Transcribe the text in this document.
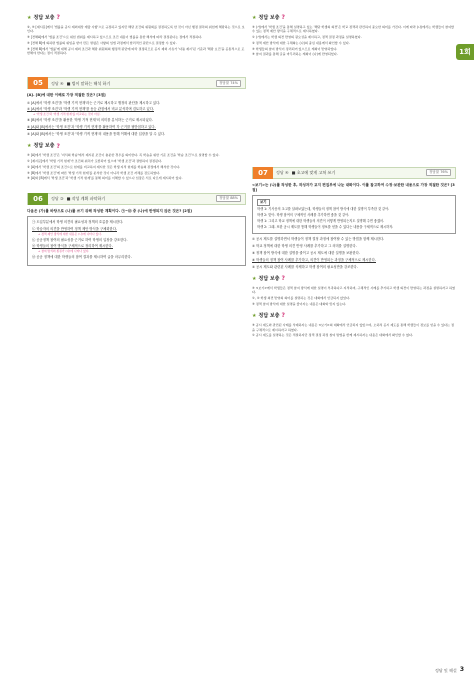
1회
★ 정답 보충 ?

②, ④ [제시문]에서 '법률을 공시 제외대상 재량 사항'으로 규정하고 있지만 해당 조건의 위원회를 결정하도록 한 것이 아닌 행정 절차의 위임에 해당하는 것으로 보인다.

③ [견해A]에서 '법률 조건'으로 위임 범위를 제시하고 있으므로 조건 내용이 법률을 통한 해석에 따라 결정된다는 점에서 적절하다.

④ [견해 B]에 의하면 법률의 위임을 받아 만든 명령은 사항의 입법 과정에서 합리적인 판단으로 결정할 수 있다.

⑤ [견해 B]에서 '법률'에 대해 공시 제외 조건과 해당 위원회의 행정적 판단에 따라 결정되므로 공시 제외 사유가 '다툼 제시'된 기준과 '해당 요건'을 공통적으로 포함해야 한다는 점이 적절하다.

05	정답 ④ ■ 법이 말하는 해석 하기	정답률 74%
[A]. [B]에 대한 이해로 가장 적절한 것은? [3점]
① [A]에서 '학생 조건'을 '학생 기적 현재'라는 근거로 제시하고 행정의 판단을 제시하고 있다.
② [A]에서 '학생 조건'과 '학생 기적 현재'를 동등 관점에서 비교 분석하며 검토하고 있다.
→ '학생 조건'과 '학생 기적 현재'를 비교하는 것이 아님.
③ [B]에서 '학생 조건'을 활용한 '학생 기적 현재'의 의미를 분석하는 근거로 제시되었다.
④ [A]와 [B]에서는 '학생 조건'과 '학생 기적 현재'를 활용하여 각 근거를 뒷받침하고 있다.
⑤ [A]와 [B]에서는 '학생 조건'과 '학생 기적 현재'의 내용을 통해 이해에 대한 입장을 알 수 있다.
★ 정답 보충 ?

④ [A]에서 '학생 조건'은 '지식의 학습'에서 제시된 조건이 충분한 경우를 의미한다. 즉 학습을 위한 기준 조건을 '학습 조건'으로 설명할 수 있다.

① [제시문]에서 '학생 기적 현재'가 조건의 위치가 포함되어 있으며 '학생 조건'과 결합하여 결정된다.

② [A]에서 '학생 조건'의 조건으로 현재를 비교하여 제시한 것은 학생 지적 현재를 학습의 관점에서 해석한 것이다.

③ [B]에서 '학생 조건'에 따른 '학생 기적 현재'를 분석한 것이 아니라 학생 조건 자체를 검토하였다.

⑤ [A]와 [B]에서 '학생 조건'과 '학생 기적 현재'를 통해 의미를 이해할 수 있으나 입장은 서로 다르게 제시되어 있다.

06	정답 ③ ■ 작성 계획 파악하기	정답률 88%
다음은 (가)를 바탕으로 (나)를 쓰기 위해 작성한 계획이다. ㉠~㉤ 중 (나)에 반영되지 않은 것은? [2점]
㉠ 도입부분에서 학생 의견의 필요성과 정책의 흐름을 제시한다.
㉡ 학습자의 의견을 반영하여 정책 제안 방식을 구체화한다.
→ 정책 제안 방식에 대한 내용은 (나)에 나타나 있다.
㉢ 공공정책 참여의 필요성을 근거로 하여 학생의 입장을 강조한다.
㉣ 학생들의 참여 방식을 구체적으로 정리하여 제시한다.
→ 참여 방식의 종류가 (나)에 나타나 있다.
㉤ 공공 정책에 대한 학생들의 참여 결과를 제시하여 글을 마무리한다.
★ 정답 보충 ?

③ (가)에서 '학생 조건'을 통해 설명하고 있는 '해당 학생의 의견'은 학교 정책과 관련하여 중요한 의미를 가진다. 이에 따라 (나)에서는 학생들이 참여할 수 있는 정책 제안 방식을 구체적으로 제시하였다.

① (가)에서는 학생 의견 반영의 필요성을 제시하고, 정책 결정 과정을 설명하였다.

② 정책 제안 방식에 대한 구체화는 (나)의 중심 내용에서 확인할 수 있다.

④ 학생들의 참여 방식이 정리되어 있으므로 계획이 반영되었다.

⑤ 참여 결과를 통해 글을 마무리하는 계획이 (나)에 반영되었다.

07	정답 ④ ■ 초고에 맞게 고쳐 쓰기	정답률 76%
<보기>는 (나)를 작성한 후, 작성자가 교지 편집부에 나눈 대화이다. 이를 참고하여 수정·보완한 내용으로 가장 적절한 것은? [3점]
보기

학생 1: 기사문의 초고를 살펴보았는데, 학생들의 정책 참여 방식에 대한 설명이 부족한 것 같아.

학생 2: 맞아. 학생 참여의 구체적인 사례를 추가하면 좋을 것 같아.

학생 1: 그리고 학교 정책에 대한 학생들의 의견이 어떻게 반영되는지도 설명해 주면 좋겠어.

학생 2: 그래. 또한 공시 제도를 통해 학생들이 정보를 얻을 수 있다는 내용을 구체적으로 제시하자.

① 공시 제도를 설명하면서 학생들이 정책 결정 과정에 참여할 수 있는 방법을 함께 제시한다.
② 학교 정책에 대한 학생 의견 반영 사례를 추가하고 그 의미를 설명한다.
③ 정책 참여 방식에 대한 설명을 줄이고 공시 제도에 대한 설명을 보완한다.
④ 학생들의 정책 참여 사례를 추가하고, 의견이 반영되는 과정을 구체적으로 제시한다.
⑤ 공시 제도와 관련된 사례를 삭제하고 학생 참여의 필요성만을 강조한다.
★ 정답 보충 ?

④ <보기>에서 학생들은 정책 참여 방식에 대한 설명이 부족하다고 지적하며, 구체적인 사례를 추가하고 학생 의견이 반영되는 과정을 설명하자고 하였다.

①, ② 학생 의견 반영의 의미를 설명하는 것은 대화에서 언급되지 않았다.

③ 정책 참여 방식에 대한 설명을 줄이자는 내용은 대화와 맞지 않는다.

★ 정답 보충 ?

⑤ 공시 제도와 관련된 사례를 삭제하자는 내용은 <보기>의 대화에서 언급되지 않았으며, 오히려 공시 제도를 통해 학생들이 정보를 얻을 수 있다는 점을 구체적으로 제시하자고 하였다.

① 공시 제도를 설명하는 것은 적절하지만 정책 결정 과정 참여 방법을 함께 제시하자는 내용은 대화에서 확인할 수 없다.

정답 및 해설 3
